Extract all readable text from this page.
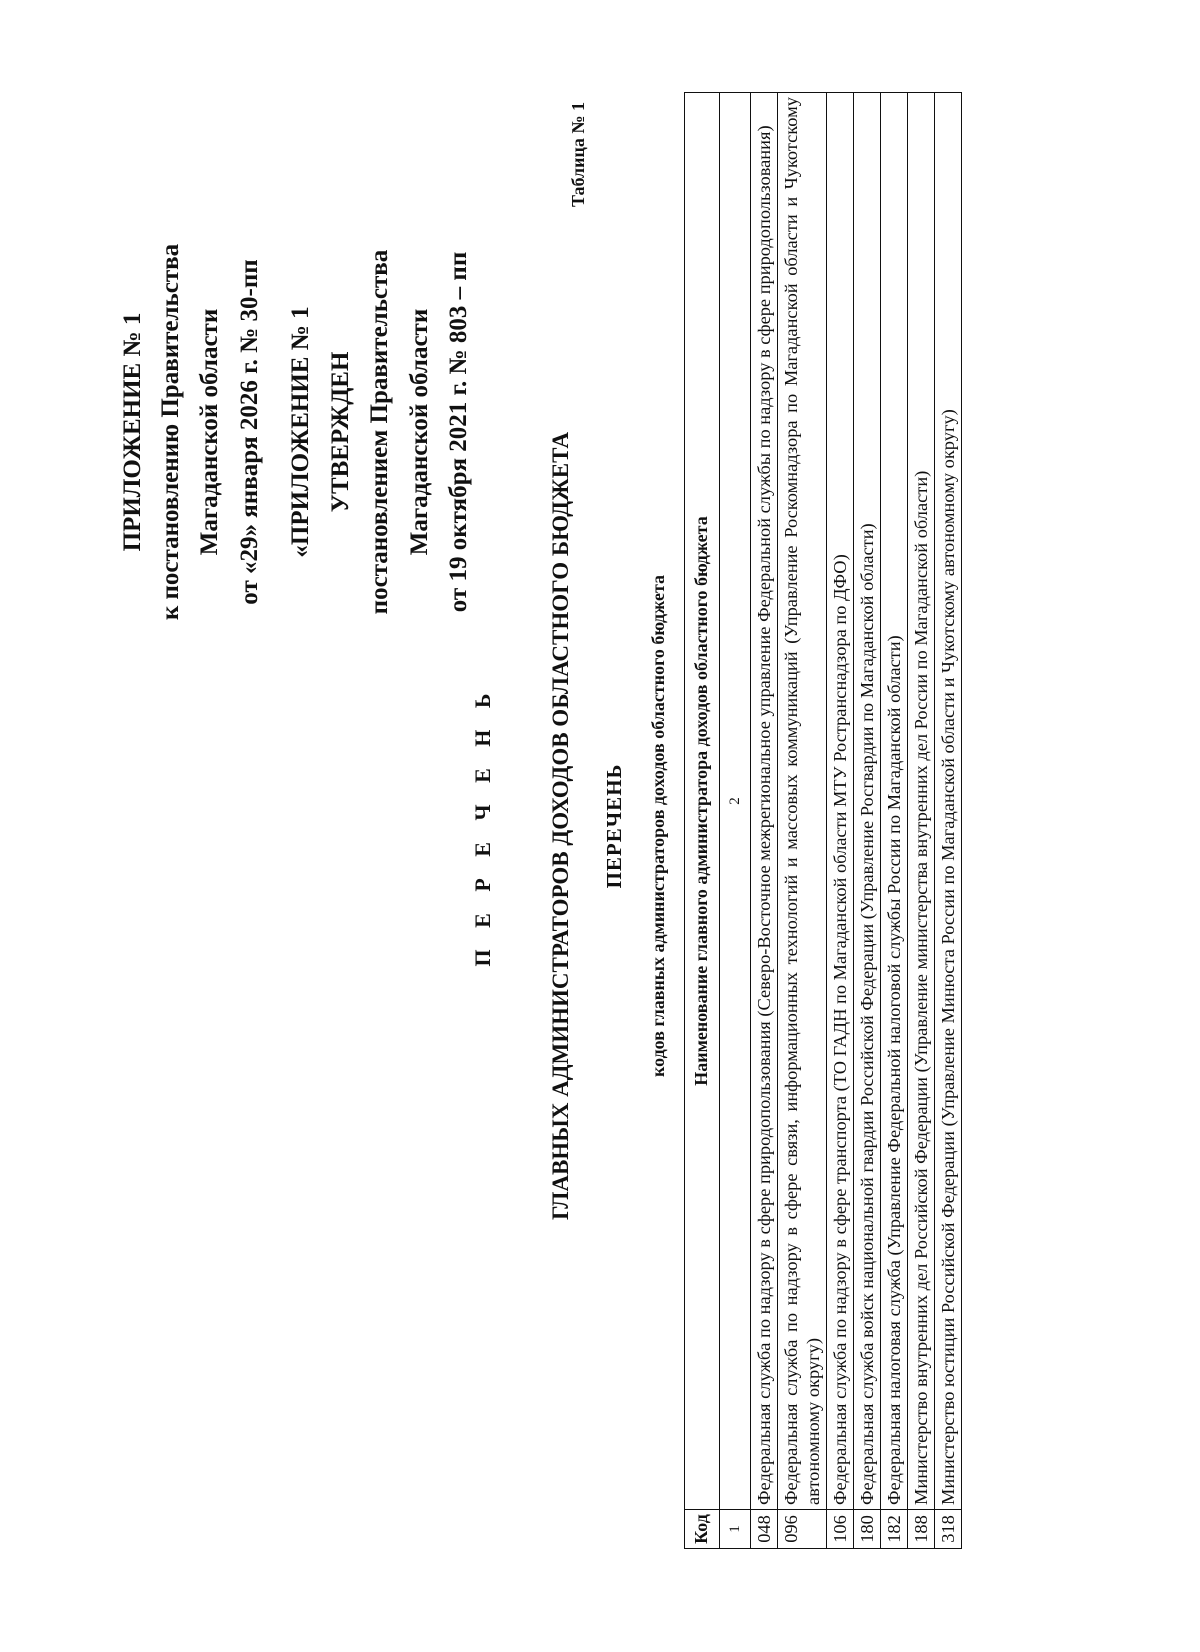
ПРИЛОЖЕНИЕ № 1 к постановлению Правительства Магаданской области от «29» января 2026 г. № 30-пп «ПРИЛОЖЕНИЕ № 1 УТВЕРЖДЕН постановлением Правительства Магаданской области от 19 октября 2021 г. № 803 – пп
П Е Р Е Ч Е Н Ь ГЛАВНЫХ АДМИНИСТРАТОРОВ ДОХОДОВ ОБЛАСТНОГО БЮДЖЕТА
Таблица № 1
ПЕРЕЧЕНЬ кодов главных администраторов доходов областного бюджета
Код	Наименование главного администратора доходов областного бюджета
1	2
048	Федеральная служба по надзору в сфере природопользования (Северо-Восточное межрегиональное управление Федеральной службы по надзору в сфере природопользования)
096	Федеральная служба по надзору в сфере связи, информационных технологий и массовых коммуникаций (Управление Роскомнадзора по Магаданской области и Чукотскому автономному округу)
106	Федеральная служба по надзору в сфере транспорта (ТО ГАДН по Магаданской области МТУ Ространснадзора по ДФО)
180	Федеральная служба войск национальной гвардии Российской Федерации (Управление Росгвардии по Магаданской области)
182	Федеральная налоговая служба (Управление Федеральной налоговой службы России по Магаданской области)
188	Министерство внутренних дел Российской Федерации (Управление министерства внутренних дел России по Магаданской области)
318	Министерство юстиции Российской Федерации (Управление Минюста России по Магаданской области и Чукотскому автономному округу)
